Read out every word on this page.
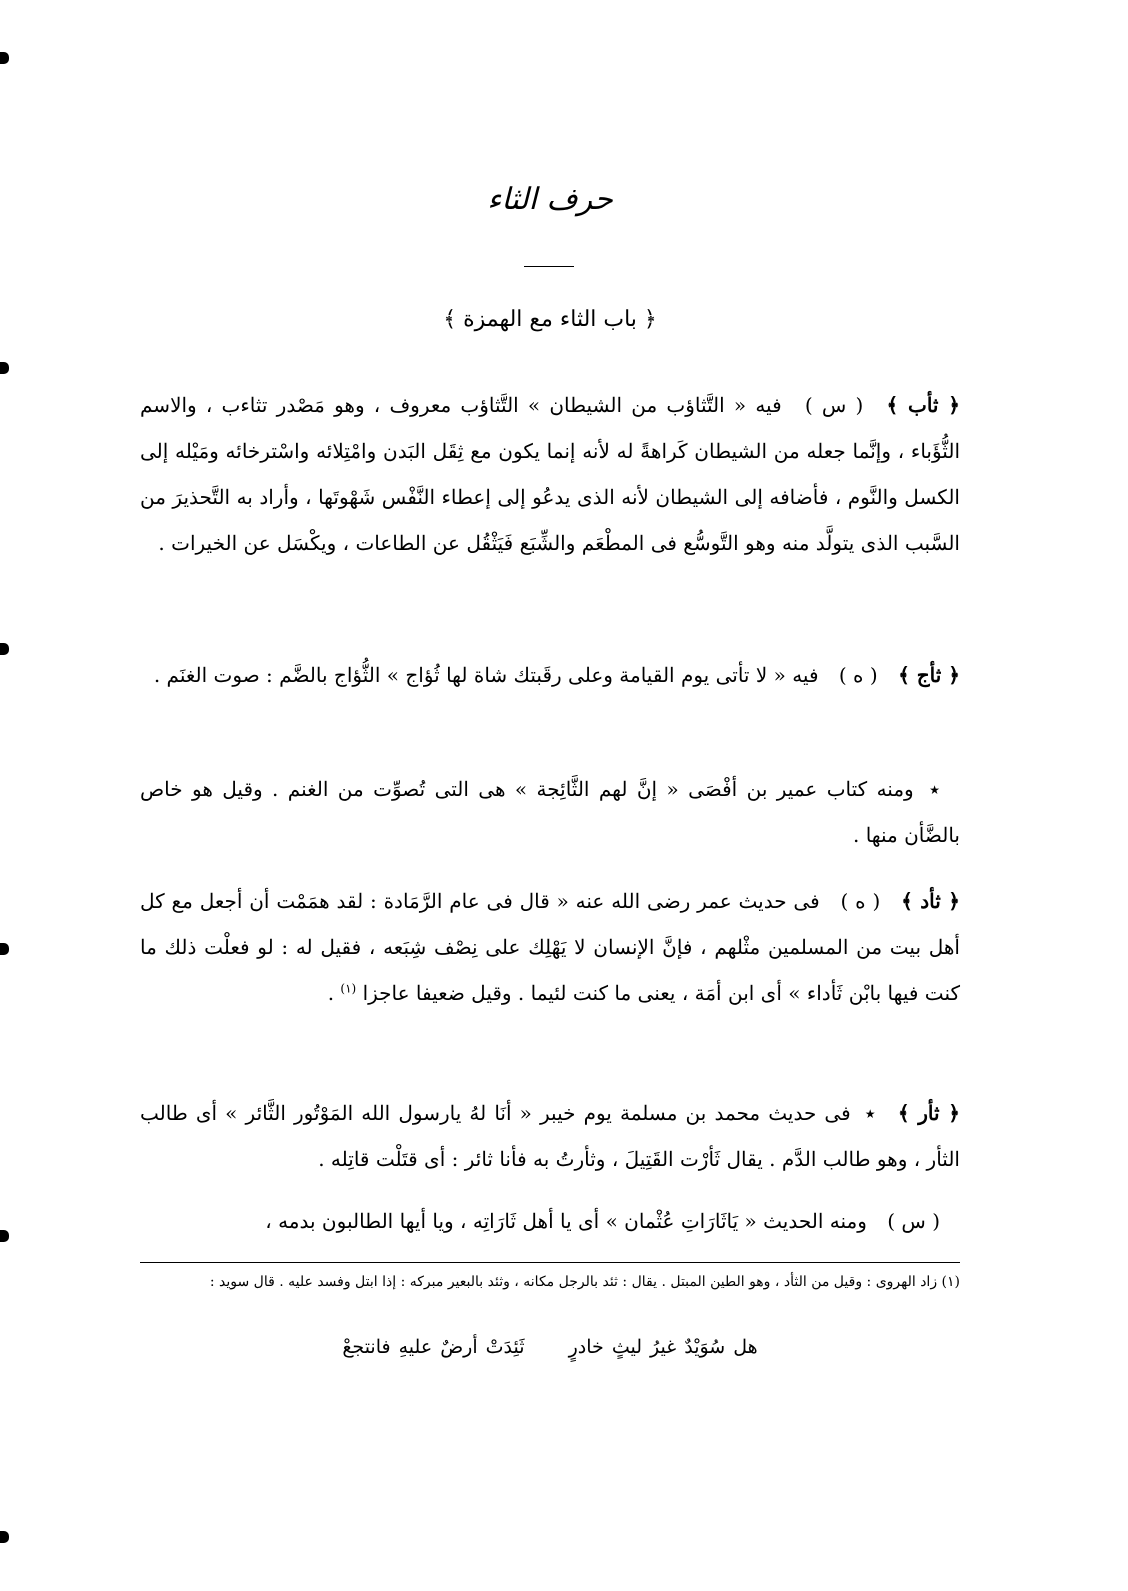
حرف الثاء
﴿ باب الثاء مع الهمزة ﴾

﴿ ثأب ﴾ ( س ) فيه « التَّثاؤب من الشيطان » التَّثاؤب معروف ، وهو مَصْدر تثاءب ، والاسم الثُّؤَباء ، وإنَّما جعله من الشيطان كَراهةً له لأنه إنما يكون مع ثِقَل البَدن وامْتِلائه واسْترخائه ومَيْله إلى الكسل والنَّوم ، فأضافه إلى الشيطان لأنه الذى يدعُو إلى إعطاء النَّفْس شَهْوتَها ، وأراد به التَّحذيرَ من السَّبب الذى يتولَّد منه وهو التَّوسُّع فى المطْعَم والشِّبَع فَيَثْقُل عن الطاعات ، ويكْسَل عن الخيرات .

﴿ ثأج ﴾ ( ه ) فيه « لا تأتى يوم القيامة وعلى رقَبتك شاة لها ثُؤاج » الثُّؤاج بالضَّم : صوت الغنَم .

٭ ومنه كتاب عمير بن أفْصَى « إنَّ لهم الثَّائِجة » هى التى تُصوِّت من الغنم . وقيل هو خاص بالضَّأن منها .

﴿ ثأد ﴾ ( ه ) فى حديث عمر رضى الله عنه « قال فى عام الرَّمَادة : لقد همَمْت أن أجعل مع كل أهل بيت من المسلمين مثْلهم ، فإنَّ الإنسان لا يَهْلِك على نِصْف شِبَعه ، فقيل له : لو فعلْت ذلك ما كنت فيها بابْن ثَأداء » أى ابن أمَة ، يعنى ما كنت لئيما . وقيل ضعيفا عاجزا $^{(١)}$ .

﴿ ثأر ﴾ ٭ فى حديث محمد بن مسلمة يوم خيبر « أنَا لهُ يارسول الله المَوْتُور الثَّائر » أى طالب الثأر ، وهو طالب الدَّم . يقال ثَأرْت القَتِيلَ ، وثأرتُ به فأنا ثائر : أى قتَلْت قاتِله .

( س ) ومنه الحديث « يَاثَارَاتِ عُثْمان » أى يا أهل ثَارَاتِه ، ويا أيها الطالبون بدمه ،

(١) زاد الهروى : وقيل من الثأد ، وهو الطين المبتل . يقال : ثئد بالرجل مكانه ، وثئد بالبعير مبركه : إذا ابتل وفسد عليه . قال سويد :

هل سُوَيْدٌ غيرُ ليثٍ خادرٍ ثَئِدَتْ أرضٌ عليهِ فانتجعْ
